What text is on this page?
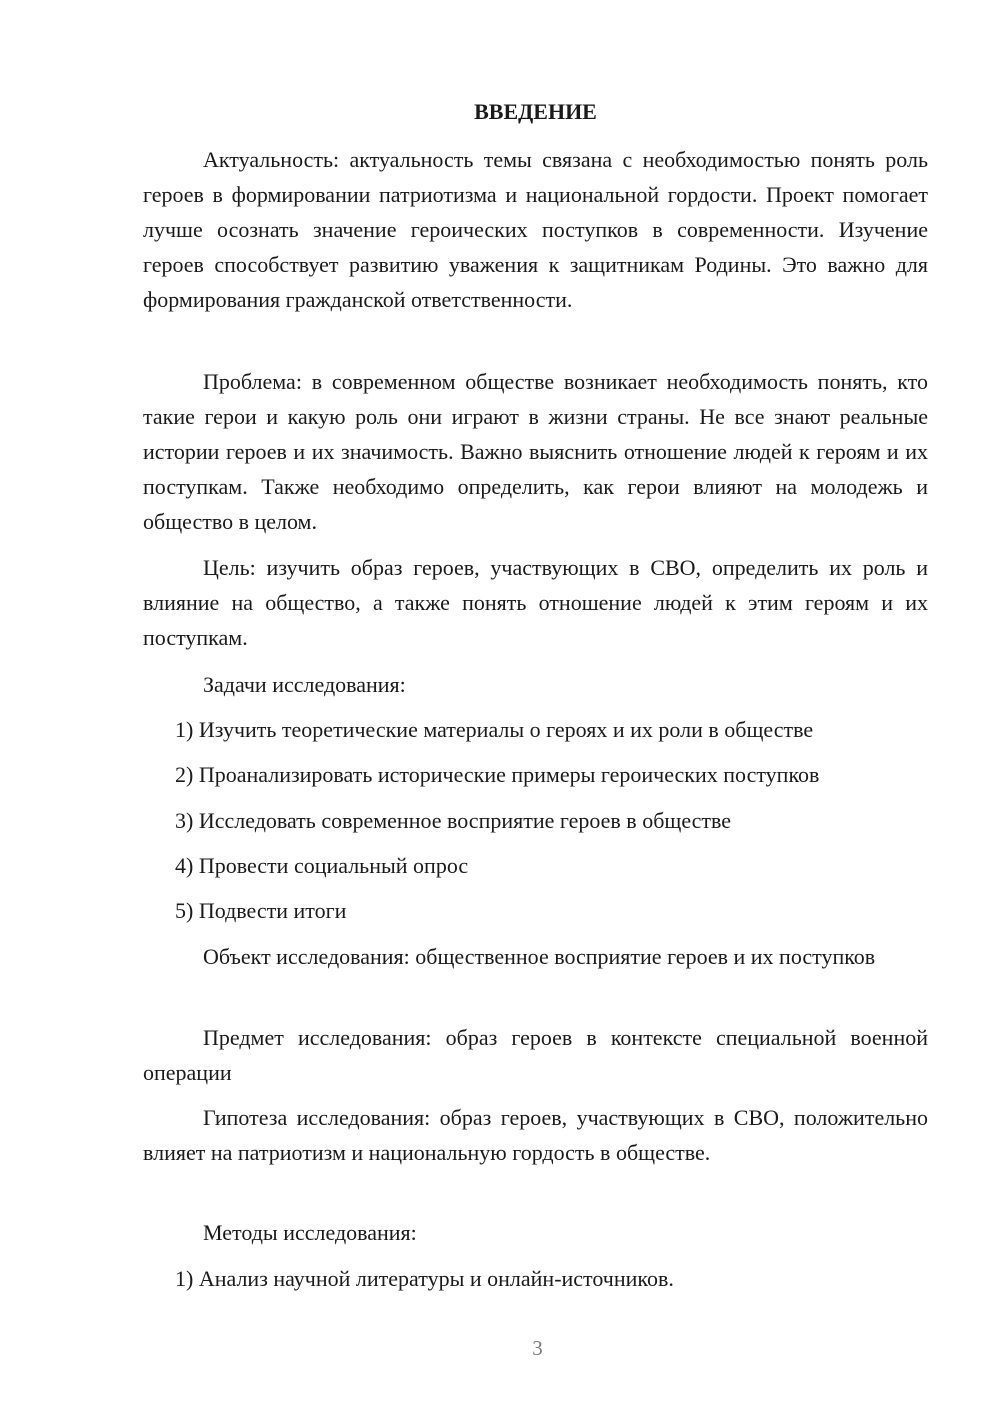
ВВЕДЕНИЕ

Актуальность: актуальность темы связана с необходимостью понять роль героев в формировании патриотизма и национальной гордости. Проект помогает лучше осознать значение героических поступков в современности. Изучение героев способствует развитию уважения к защитникам Родины. Это важно для формирования гражданской ответственности.

Проблема: в современном обществе возникает необходимость понять, кто такие герои и какую роль они играют в жизни страны. Не все знают реальные истории героев и их значимость. Важно выяснить отношение людей к героям и их поступкам. Также необходимо определить, как герои влияют на молодежь и общество в целом.

Цель: изучить образ героев, участвующих в СВО, определить их роль и влияние на общество, а также понять отношение людей к этим героям и их поступкам.

Задачи исследования:
1) Изучить теоретические материалы о героях и их роли в обществе
2) Проанализировать исторические примеры героических поступков
3) Исследовать современное восприятие героев в обществе
4) Провести социальный опрос
5) Подвести итоги

Объект исследования: общественное восприятие героев и их поступков

Предмет исследования: образ героев в контексте специальной военной операции

Гипотеза исследования: образ героев, участвующих в СВО, положительно влияет на патриотизм и национальную гордость в обществе.

Методы исследования:
1) Анализ научной литературы и онлайн-источников.
3
